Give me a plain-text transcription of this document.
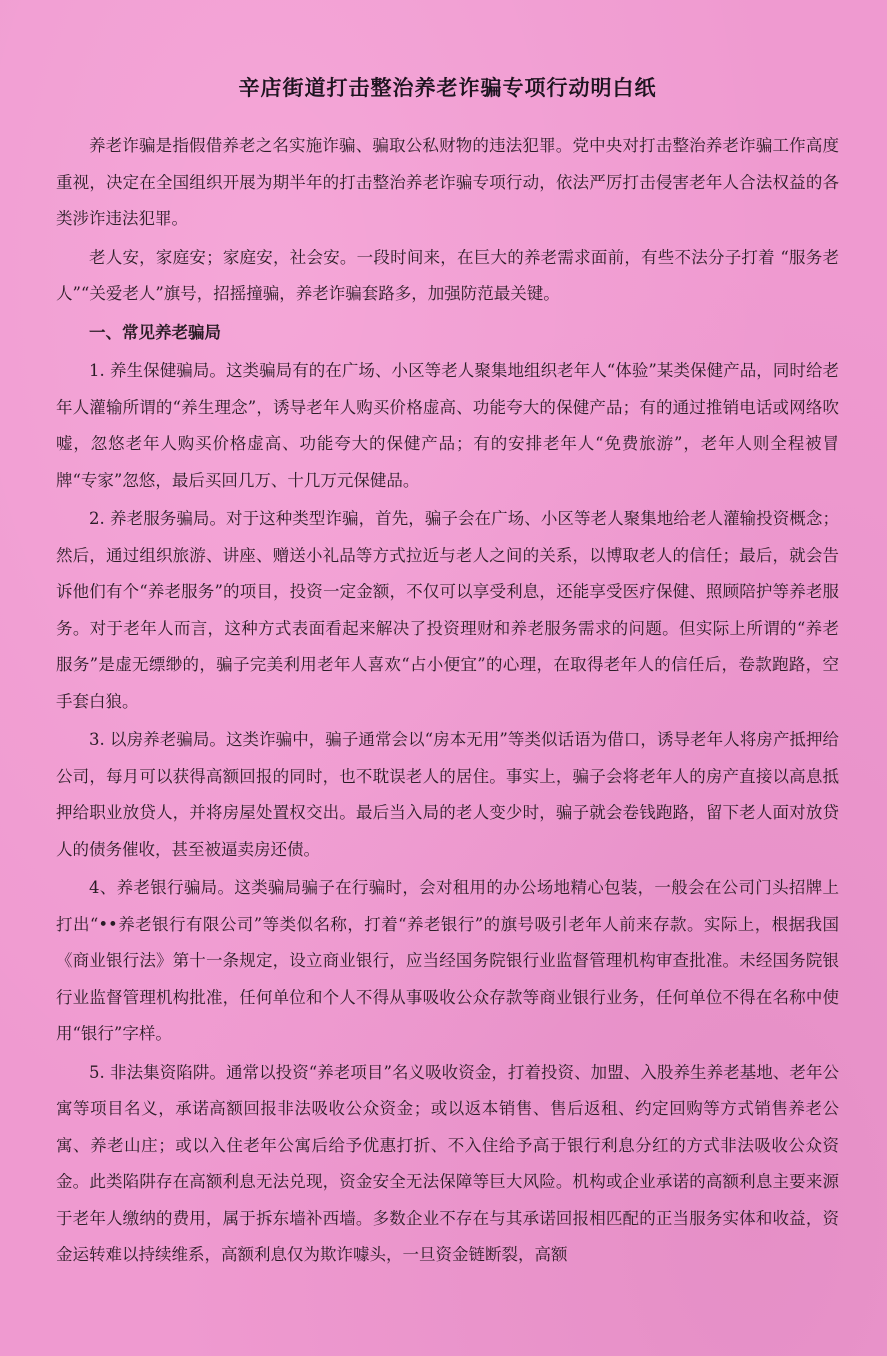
辛店街道打击整治养老诈骗专项行动明白纸

养老诈骗是指假借养老之名实施诈骗、骗取公私财物的违法犯罪。党中央对打击整治养老诈骗工作高度重视，决定在全国组织开展为期半年的打击整治养老诈骗专项行动，依法严厉打击侵害老年人合法权益的各类涉诈违法犯罪。

老人安，家庭安；家庭安，社会安。一段时间来，在巨大的养老需求面前，有些不法分子打着 “服务老人”“关爱老人”旗号，招摇撞骗，养老诈骗套路多，加强防范最关键。

一、常见养老骗局

1. 养生保健骗局。这类骗局有的在广场、小区等老人聚集地组织老年人“体验”某类保健产品，同时给老年人灌输所谓的“养生理念”，诱导老年人购买价格虚高、功能夸大的保健产品；有的通过推销电话或网络吹嘘，忽悠老年人购买价格虚高、功能夸大的保健产品；有的安排老年人“免费旅游”，老年人则全程被冒牌“专家”忽悠，最后买回几万、十几万元保健品。

2. 养老服务骗局。对于这种类型诈骗，首先，骗子会在广场、小区等老人聚集地给老人灌输投资概念；然后，通过组织旅游、讲座、赠送小礼品等方式拉近与老人之间的关系，以博取老人的信任；最后，就会告诉他们有个“养老服务”的项目，投资一定金额，不仅可以享受利息，还能享受医疗保健、照顾陪护等养老服务。对于老年人而言，这种方式表面看起来解决了投资理财和养老服务需求的问题。但实际上所谓的“养老服务”是虚无缥缈的，骗子完美利用老年人喜欢“占小便宜”的心理，在取得老年人的信任后，卷款跑路，空手套白狼。

3. 以房养老骗局。这类诈骗中，骗子通常会以“房本无用”等类似话语为借口，诱导老年人将房产抵押给公司，每月可以获得高额回报的同时，也不耽误老人的居住。事实上，骗子会将老年人的房产直接以高息抵押给职业放贷人，并将房屋处置权交出。最后当入局的老人变少时，骗子就会卷钱跑路，留下老人面对放贷人的债务催收，甚至被逼卖房还债。

4、养老银行骗局。这类骗局骗子在行骗时，会对租用的办公场地精心包装，一般会在公司门头招牌上打出“••养老银行有限公司”等类似名称，打着“养老银行”的旗号吸引老年人前来存款。实际上，根据我国《商业银行法》第十一条规定，设立商业银行，应当经国务院银行业监督管理机构审查批准。未经国务院银行业监督管理机构批准，任何单位和个人不得从事吸收公众存款等商业银行业务，任何单位不得在名称中使用“银行”字样。

5. 非法集资陷阱。通常以投资“养老项目”名义吸收资金，打着投资、加盟、入股养生养老基地、老年公寓等项目名义，承诺高额回报非法吸收公众资金；或以返本销售、售后返租、约定回购等方式销售养老公寓、养老山庄；或以入住老年公寓后给予优惠打折、不入住给予高于银行利息分红的方式非法吸收公众资金。此类陷阱存在高额利息无法兑现，资金安全无法保障等巨大风险。机构或企业承诺的高额利息主要来源于老年人缴纳的费用，属于拆东墙补西墙。多数企业不存在与其承诺回报相匹配的正当服务实体和收益，资金运转难以持续维系，高额利息仅为欺诈噱头，一旦资金链断裂，高额
